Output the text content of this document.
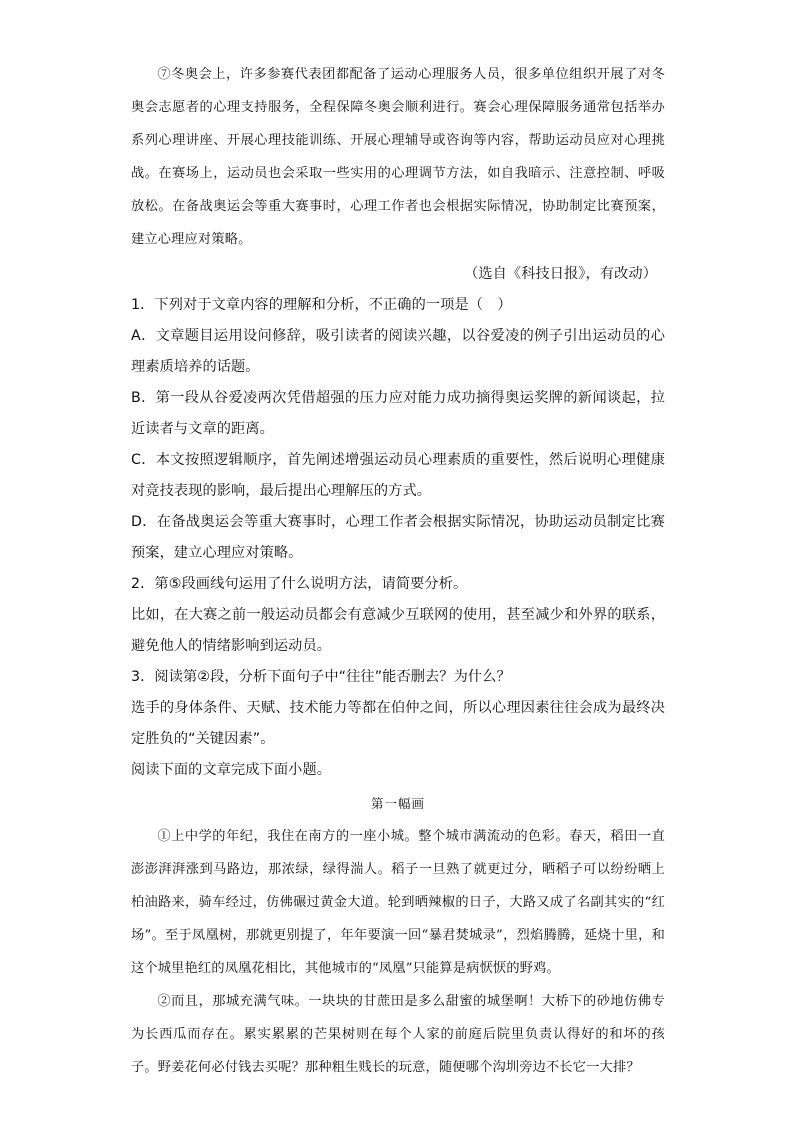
⑦冬奥会上，许多参赛代表团都配备了运动心理服务人员，很多单位组织开展了对冬奥会志愿者的心理支持服务，全程保障冬奥会顺利进行。赛会心理保障服务通常包括举办系列心理讲座、开展心理技能训练、开展心理辅导或咨询等内容，帮助运动员应对心理挑战。在赛场上，运动员也会采取一些实用的心理调节方法，如自我暗示、注意控制、呼吸放松。在备战奥运会等重大赛事时，心理工作者也会根据实际情况，协助制定比赛预案，建立心理应对策略。

（选自《科技日报》，有改动）

1．下列对于文章内容的理解和分析，不正确的一项是（　）

A．文章题目运用设问修辞，吸引读者的阅读兴趣，以谷爱凌的例子引出运动员的心理素质培养的话题。

B．第一段从谷爱凌两次凭借超强的压力应对能力成功摘得奥运奖牌的新闻谈起，拉近读者与文章的距离。

C．本文按照逻辑顺序，首先阐述增强运动员心理素质的重要性，然后说明心理健康对竞技表现的影响，最后提出心理解压的方式。

D．在备战奥运会等重大赛事时，心理工作者会根据实际情况，协助运动员制定比赛预案，建立心理应对策略。

2．第⑤段画线句运用了什么说明方法，请简要分析。

比如，在大赛之前一般运动员都会有意减少互联网的使用，甚至减少和外界的联系，避免他人的情绪影响到运动员。

3．阅读第②段，分析下面句子中“往往”能否删去？为什么？

选手的身体条件、天赋、技术能力等都在伯仲之间，所以心理因素往往会成为最终决定胜负的“关键因素”。

阅读下面的文章完成下面小题。

第一幅画

①上中学的年纪，我住在南方的一座小城。整个城市满流动的色彩。春天，稻田一直澎澎湃湃涨到马路边，那浓绿，绿得湍人。稻子一旦熟了就更过分，晒稻子可以纷纷晒上柏油路来，骑车经过，仿佛碾过黄金大道。轮到晒辣椒的日子，大路又成了名副其实的“红场”。至于凤凰树，那就更别提了，年年要演一回“暴君焚城录”，烈焰腾腾，延烧十里，和这个城里艳红的凤凰花相比，其他城市的“凤凰”只能算是病恹恹的野鸡。

②而且，那城充满气味。一块块的甘蔗田是多么甜蜜的城堡啊！大桥下的砂地仿佛专为长西瓜而存在。累实累累的芒果树则在每个人家的前庭后院里负责认得好的和坏的孩子。野姜花何必付钱去买呢？那种粗生贱长的玩意，随便哪个沟圳旁边不长它一大排？
